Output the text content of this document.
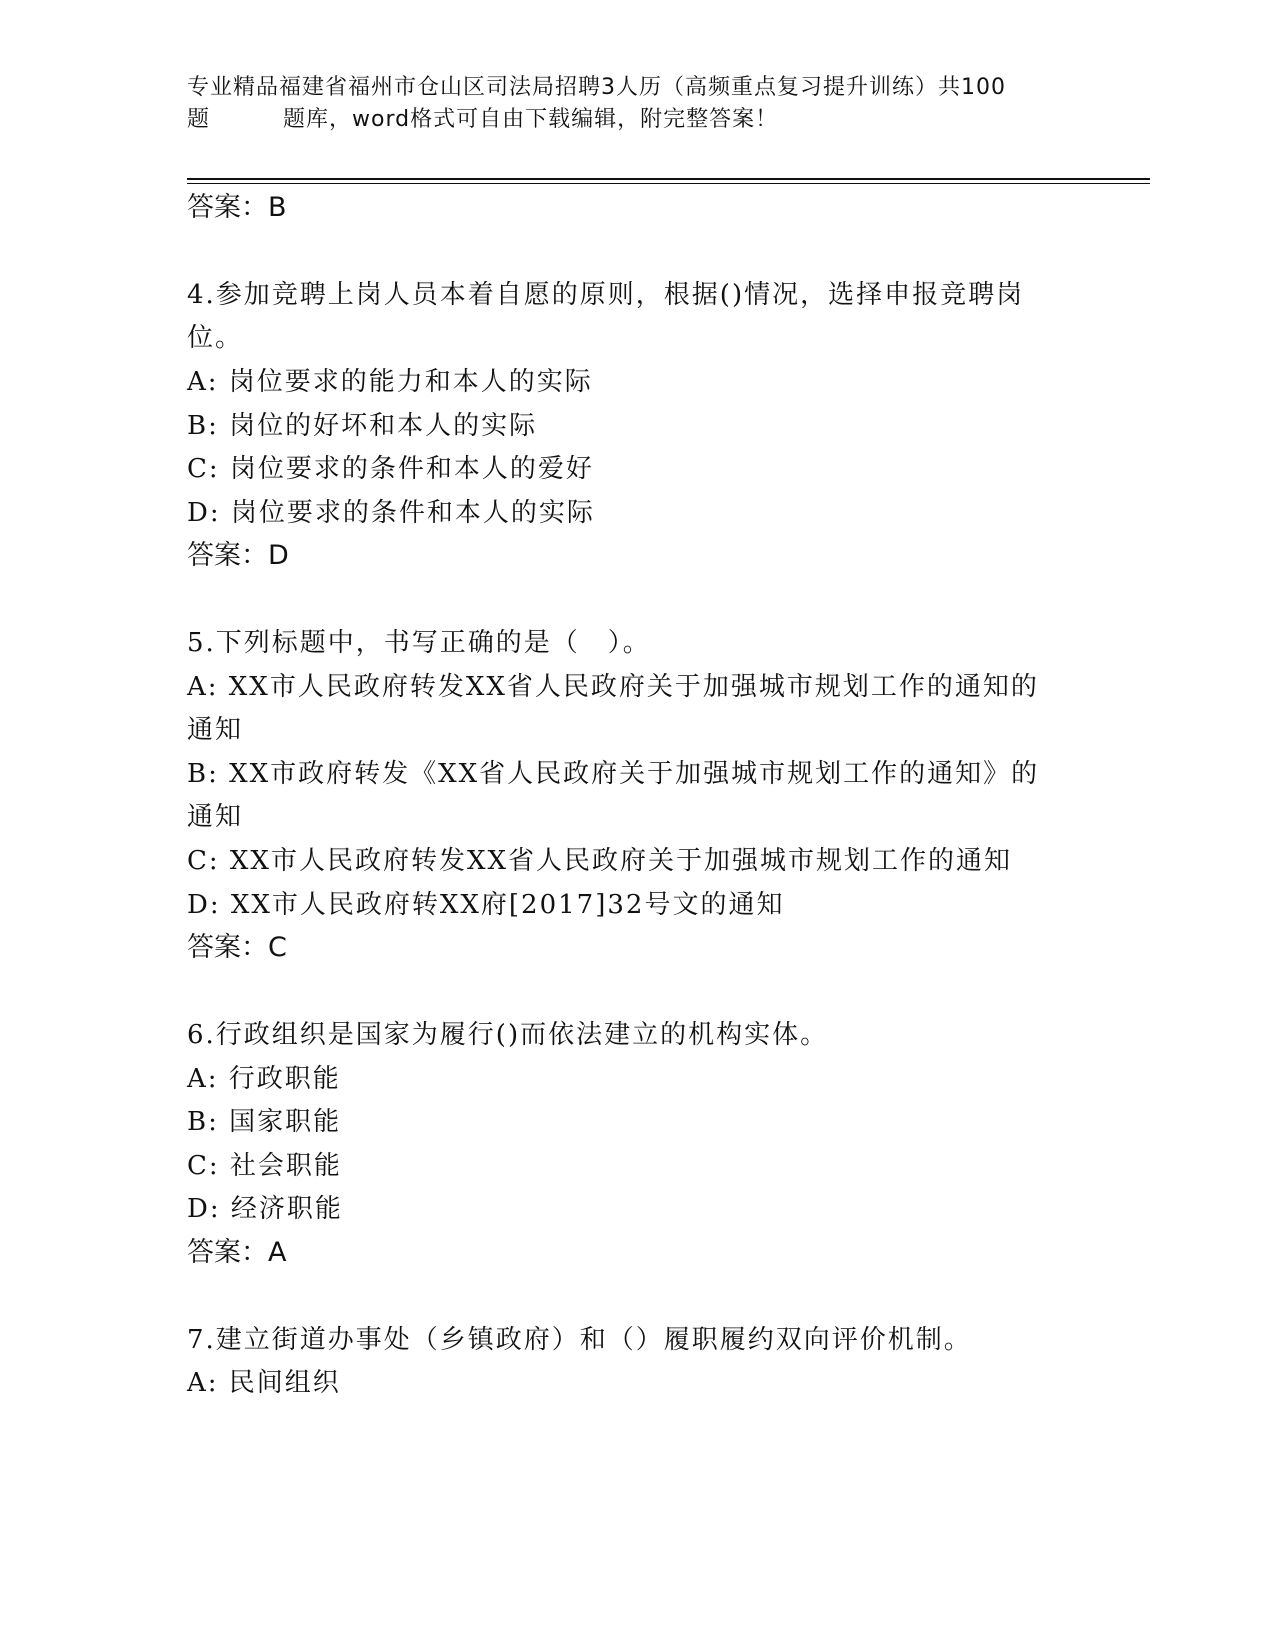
专业精品福建省福州市仓山区司法局招聘3人历（高频重点复习提升训练）共100
题	题库，word格式可自由下载编辑，附完整答案！
答案：B
4.参加竞聘上岗人员本着自愿的原则，根据()情况，选择申报竞聘岗
位。
A: 岗位要求的能力和本人的实际
B: 岗位的好坏和本人的实际
C: 岗位要求的条件和本人的爱好
D: 岗位要求的条件和本人的实际
答案：D
5.下列标题中，书写正确的是（　）。
A: XX市人民政府转发XX省人民政府关于加强城市规划工作的通知的
通知
B: XX市政府转发《XX省人民政府关于加强城市规划工作的通知》的
通知
C: XX市人民政府转发XX省人民政府关于加强城市规划工作的通知
D: XX市人民政府转XX府[2017]32号文的通知
答案：C
6.行政组织是国家为履行()而依法建立的机构实体。
A: 行政职能
B: 国家职能
C: 社会职能
D: 经济职能
答案：A
7.建立街道办事处（乡镇政府）和（）履职履约双向评价机制。
A: 民间组织
